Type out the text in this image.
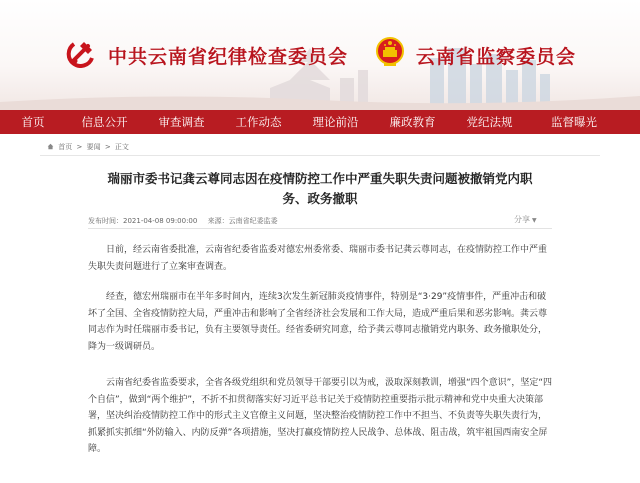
中共云南省纪律检查委员会	云南省监察委员会
首页	信息公开	审查调查	工作动态	理论前沿	廉政教育	党纪法规	监督曝光
首页 > 要闻 > 正文
瑞丽市委书记龚云尊同志因在疫情防控工作中严重失职失责问题被撤销党内职
务、政务撤职
发布时间：2021-04-08 09:00:00 来源：云南省纪委监委	分享 ▼

日前，经云南省委批准，云南省纪委省监委对德宏州委常委、瑞丽市委书记龚云尊同志，在疫情防控工作中严重失职失责问题进行了立案审查调查。

经查，德宏州瑞丽市在半年多时间内，连续3次发生新冠肺炎疫情事件，特别是“3·29”疫情事件，严重冲击和破坏了全国、全省疫情防控大局，严重冲击和影响了全省经济社会发展和工作大局，造成严重后果和恶劣影响。龚云尊同志作为时任瑞丽市委书记，负有主要领导责任。经省委研究同意，给予龚云尊同志撤销党内职务、政务撤职处分，降为一级调研员。

云南省纪委省监委要求，全省各级党组织和党员领导干部要引以为戒，汲取深刻教训，增强“四个意识”，坚定“四个自信”，做到“两个维护”，不折不扣贯彻落实好习近平总书记关于疫情防控重要指示批示精神和党中央重大决策部署，坚决纠治疫情防控工作中的形式主义官僚主义问题，坚决整治疫情防控工作中不担当、不负责等失职失责行为，抓紧抓实抓细“外防输入、内防反弹”各项措施，坚决打赢疫情防控人民战争、总体战、阻击战，筑牢祖国西南安全屏障。
